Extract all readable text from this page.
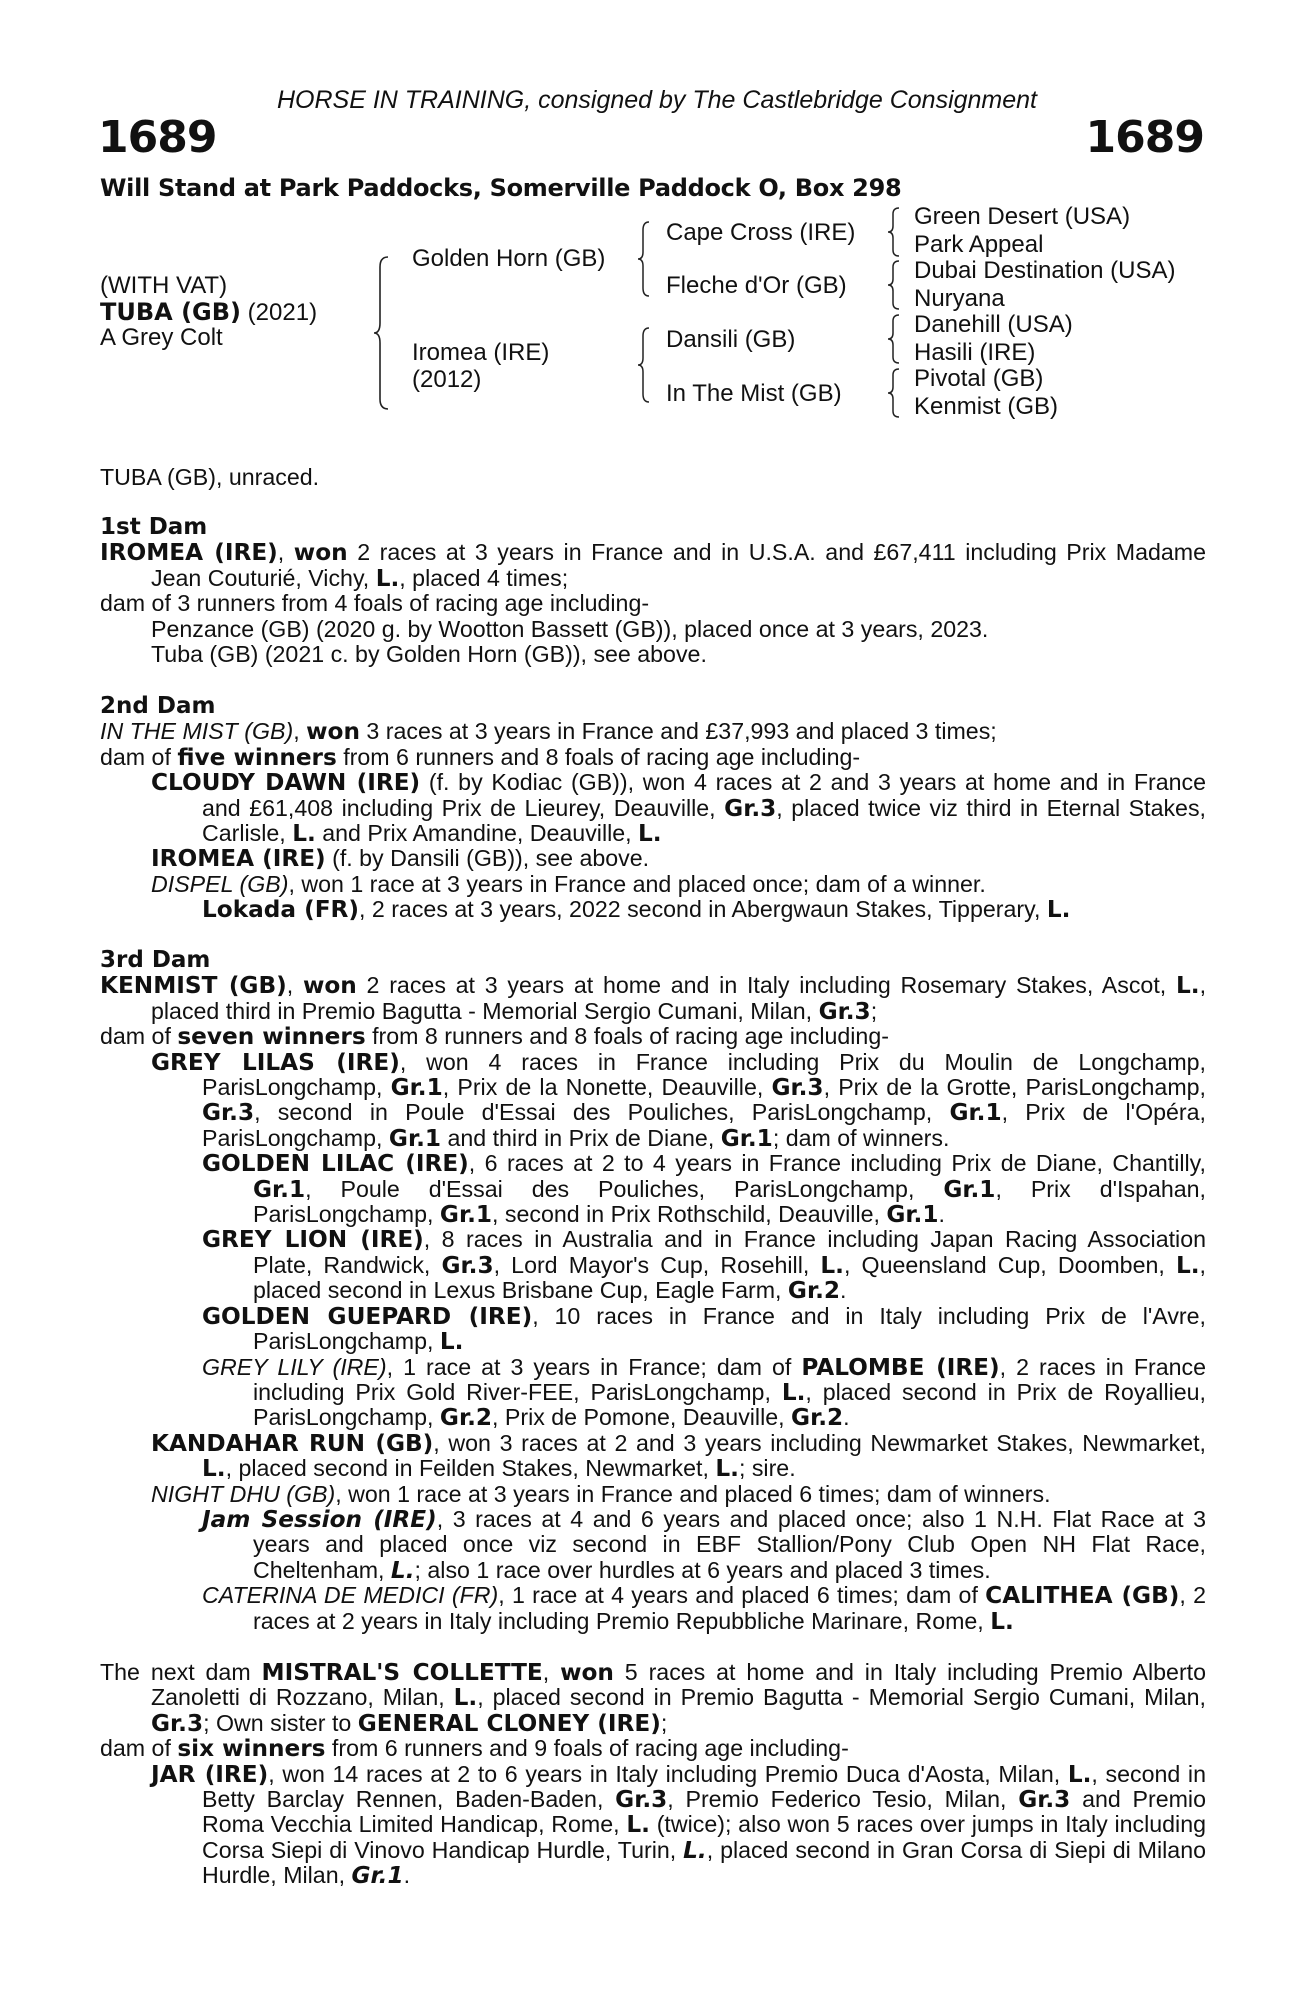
HORSE IN TRAINING, consigned by The Castlebridge Consignment
1689	1689
Will Stand at Park Paddocks, Somerville Paddock O, Box 298
(WITH VAT)
TUBA (GB) (2021)
A Grey Colt
Golden Horn (GB)
Iromea (IRE)
(2012)
Cape Cross (IRE)
Fleche d'Or (GB)
Dansili (GB)
In The Mist (GB)
Green Desert (USA)
Park Appeal
Dubai Destination (USA)
Nuryana
Danehill (USA)
Hasili (IRE)
Pivotal (GB)
Kenmist (GB)

TUBA (GB), unraced.

1st Dam

IROMEA (IRE), won 2 races at 3 years in France and in U.S.A. and £67,411 including Prix Madame Jean Couturié, Vichy, L., placed 4 times;

dam of 3 runners from 4 foals of racing age including-

Penzance (GB) (2020 g. by Wootton Bassett (GB)), placed once at 3 years, 2023.

Tuba (GB) (2021 c. by Golden Horn (GB)), see above.

2nd Dam

IN THE MIST (GB), won 3 races at 3 years in France and £37,993 and placed 3 times;

dam of five winners from 6 runners and 8 foals of racing age including-

CLOUDY DAWN (IRE) (f. by Kodiac (GB)), won 4 races at 2 and 3 years at home and in France and £61,408 including Prix de Lieurey, Deauville, Gr.3, placed twice viz third in Eternal Stakes, Carlisle, L. and Prix Amandine, Deauville, L.

IROMEA (IRE) (f. by Dansili (GB)), see above.

DISPEL (GB), won 1 race at 3 years in France and placed once; dam of a winner.

Lokada (FR), 2 races at 3 years, 2022 second in Abergwaun Stakes, Tipperary, L.

3rd Dam

KENMIST (GB), won 2 races at 3 years at home and in Italy including Rosemary Stakes, Ascot, L., placed third in Premio Bagutta - Memorial Sergio Cumani, Milan, Gr.3;

dam of seven winners from 8 runners and 8 foals of racing age including-

GREY LILAS (IRE), won 4 races in France including Prix du Moulin de Longchamp, ParisLongchamp, Gr.1, Prix de la Nonette, Deauville, Gr.3, Prix de la Grotte, ParisLongchamp, Gr.3, second in Poule d'Essai des Pouliches, ParisLongchamp, Gr.1, Prix de l'Opéra, ParisLongchamp, Gr.1 and third in Prix de Diane, Gr.1; dam of winners.

GOLDEN LILAC (IRE), 6 races at 2 to 4 years in France including Prix de Diane, Chantilly, Gr.1, Poule d'Essai des Pouliches, ParisLongchamp, Gr.1, Prix d'Ispahan, ParisLongchamp, Gr.1, second in Prix Rothschild, Deauville, Gr.1.

GREY LION (IRE), 8 races in Australia and in France including Japan Racing Association Plate, Randwick, Gr.3, Lord Mayor's Cup, Rosehill, L., Queensland Cup, Doomben, L., placed second in Lexus Brisbane Cup, Eagle Farm, Gr.2.

GOLDEN GUEPARD (IRE), 10 races in France and in Italy including Prix de l'Avre, ParisLongchamp, L.

GREY LILY (IRE), 1 race at 3 years in France; dam of PALOMBE (IRE), 2 races in France including Prix Gold River-FEE, ParisLongchamp, L., placed second in Prix de Royallieu, ParisLongchamp, Gr.2, Prix de Pomone, Deauville, Gr.2.

KANDAHAR RUN (GB), won 3 races at 2 and 3 years including Newmarket Stakes, Newmarket, L., placed second in Feilden Stakes, Newmarket, L.; sire.

NIGHT DHU (GB), won 1 race at 3 years in France and placed 6 times; dam of winners.

Jam Session (IRE), 3 races at 4 and 6 years and placed once; also 1 N.H. Flat Race at 3 years and placed once viz second in EBF Stallion/Pony Club Open NH Flat Race, Cheltenham, L.; also 1 race over hurdles at 6 years and placed 3 times.

CATERINA DE MEDICI (FR), 1 race at 4 years and placed 6 times; dam of CALITHEA (GB), 2 races at 2 years in Italy including Premio Repubbliche Marinare, Rome, L.

The next dam MISTRAL'S COLLETTE, won 5 races at home and in Italy including Premio Alberto Zanoletti di Rozzano, Milan, L., placed second in Premio Bagutta - Memorial Sergio Cumani, Milan, Gr.3; Own sister to GENERAL CLONEY (IRE);

dam of six winners from 6 runners and 9 foals of racing age including-

JAR (IRE), won 14 races at 2 to 6 years in Italy including Premio Duca d'Aosta, Milan, L., second in Betty Barclay Rennen, Baden-Baden, Gr.3, Premio Federico Tesio, Milan, Gr.3 and Premio Roma Vecchia Limited Handicap, Rome, L. (twice); also won 5 races over jumps in Italy including Corsa Siepi di Vinovo Handicap Hurdle, Turin, L., placed second in Gran Corsa di Siepi di Milano Hurdle, Milan, Gr.1.
